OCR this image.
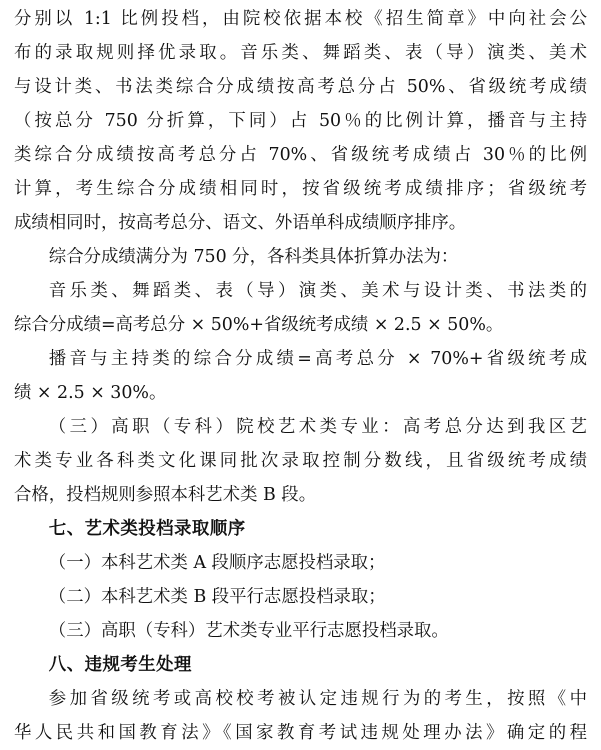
分别以 1:1 比例投档，由院校依据本校《招生简章》中向社会公
布的录取规则择优录取。音乐类、舞蹈类、表（导）演类、美术
与设计类、书法类综合分成绩按高考总分占 50%、省级统考成绩
（按总分 750 分折算，下同）占 50％的比例计算，播音与主持
类综合分成绩按高考总分占 70%、省级统考成绩占 30％的比例
计算，考生综合分成绩相同时，按省级统考成绩排序；省级统考
成绩相同时，按高考总分、语文、外语单科成绩顺序排序。
综合分成绩满分为 750 分，各科类具体折算办法为：
音乐类、舞蹈类、表（导）演类、美术与设计类、书法类的
综合分成绩=高考总分 × 50%+省级统考成绩 × 2.5 × 50%。
播音与主持类的综合分成绩=高考总分 × 70%+省级统考成
绩 × 2.5 × 30%。
（三）高职（专科）院校艺术类专业：高考总分达到我区艺
术类专业各科类文化课同批次录取控制分数线，且省级统考成绩
合格，投档规则参照本科艺术类 B 段。
七、艺术类投档录取顺序
（一）本科艺术类 A 段顺序志愿投档录取；
（二）本科艺术类 B 段平行志愿投档录取；
（三）高职（专科）艺术类专业平行志愿投档录取。
八、违规考生处理
参加省级统考或高校校考被认定违规行为的考生，按照《中
华人民共和国教育法》《国家教育考试违规处理办法》确定的程
